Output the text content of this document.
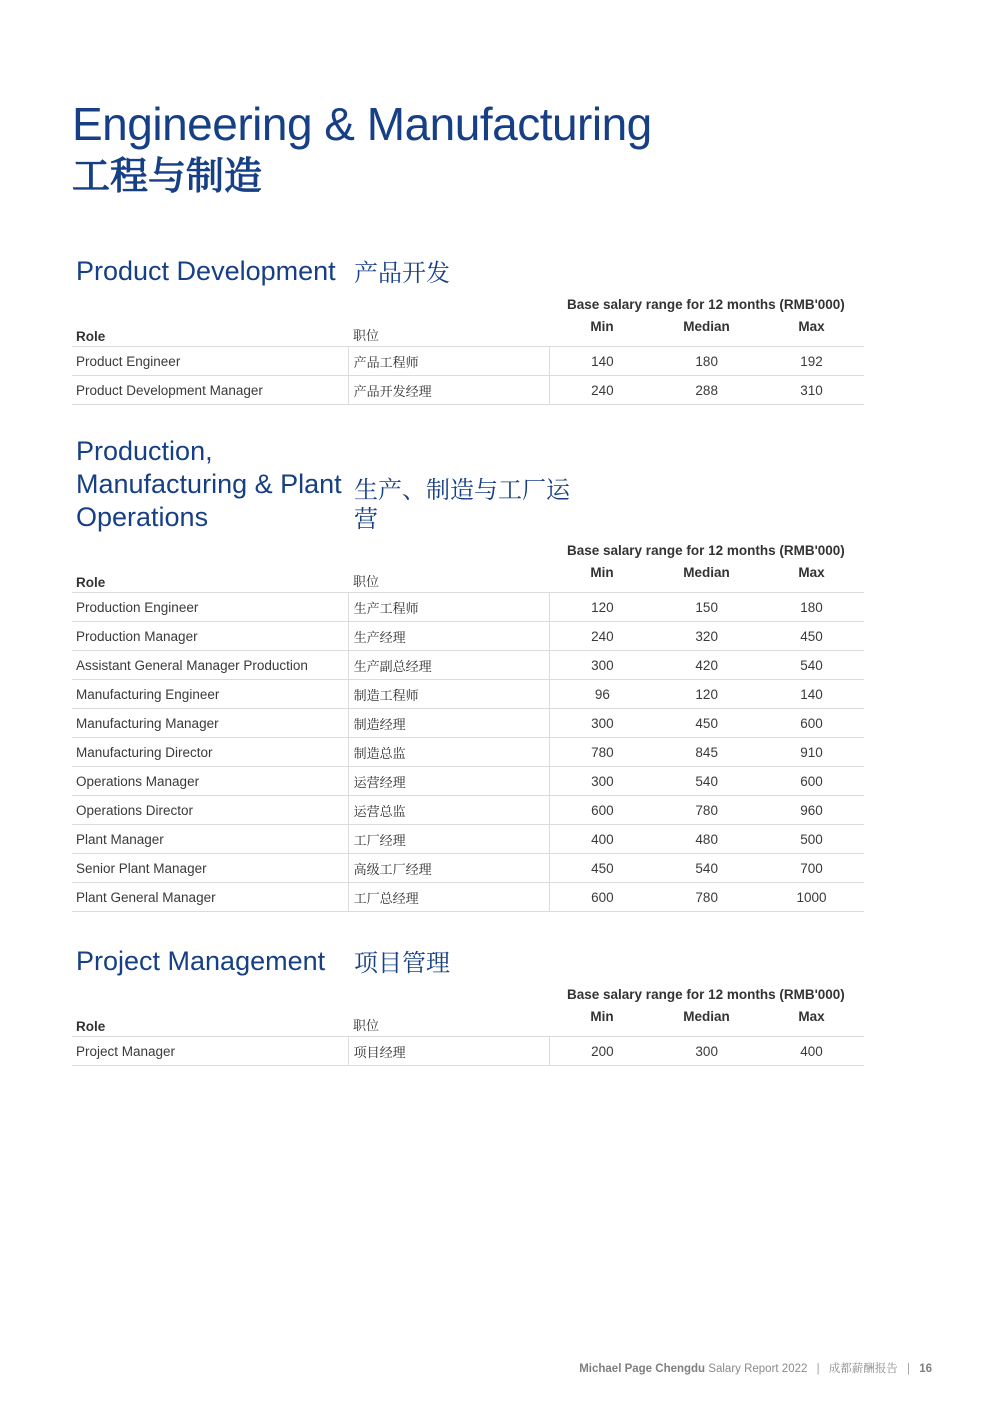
Engineering & Manufacturing
工程与制造
Product Development 产品开发
Base salary range for 12 months (RMB'000)
Role	职位
Min	Median	Max
Product Engineer	产品工程师	140	180	192
Product Development Manager	产品开发经理	240	288	310
Production, Manufacturing & Plant Operations
生产、制造与工厂运营
Base salary range for 12 months (RMB'000)
Role	职位
Min	Median	Max
Production Engineer	生产工程师	120	150	180
Production Manager	生产经理	240	320	450
Assistant General Manager Production	生产副总经理	300	420	540
Manufacturing Engineer	制造工程师	96	120	140
Manufacturing Manager	制造经理	300	450	600
Manufacturing Director	制造总监	780	845	910
Operations Manager	运营经理	300	540	600
Operations Director	运营总监	600	780	960
Plant Manager	工厂经理	400	480	500
Senior Plant Manager	高级工厂经理	450	540	700
Plant General Manager	工厂总经理	600	780	1000
Project Management	项目管理
Base salary range for 12 months (RMB'000)
Role	职位
Min	Median	Max
Project Manager	项目经理	200	300	400
Michael Page Chengdu Salary Report 2022 | 成都薪酬报告 | 16
